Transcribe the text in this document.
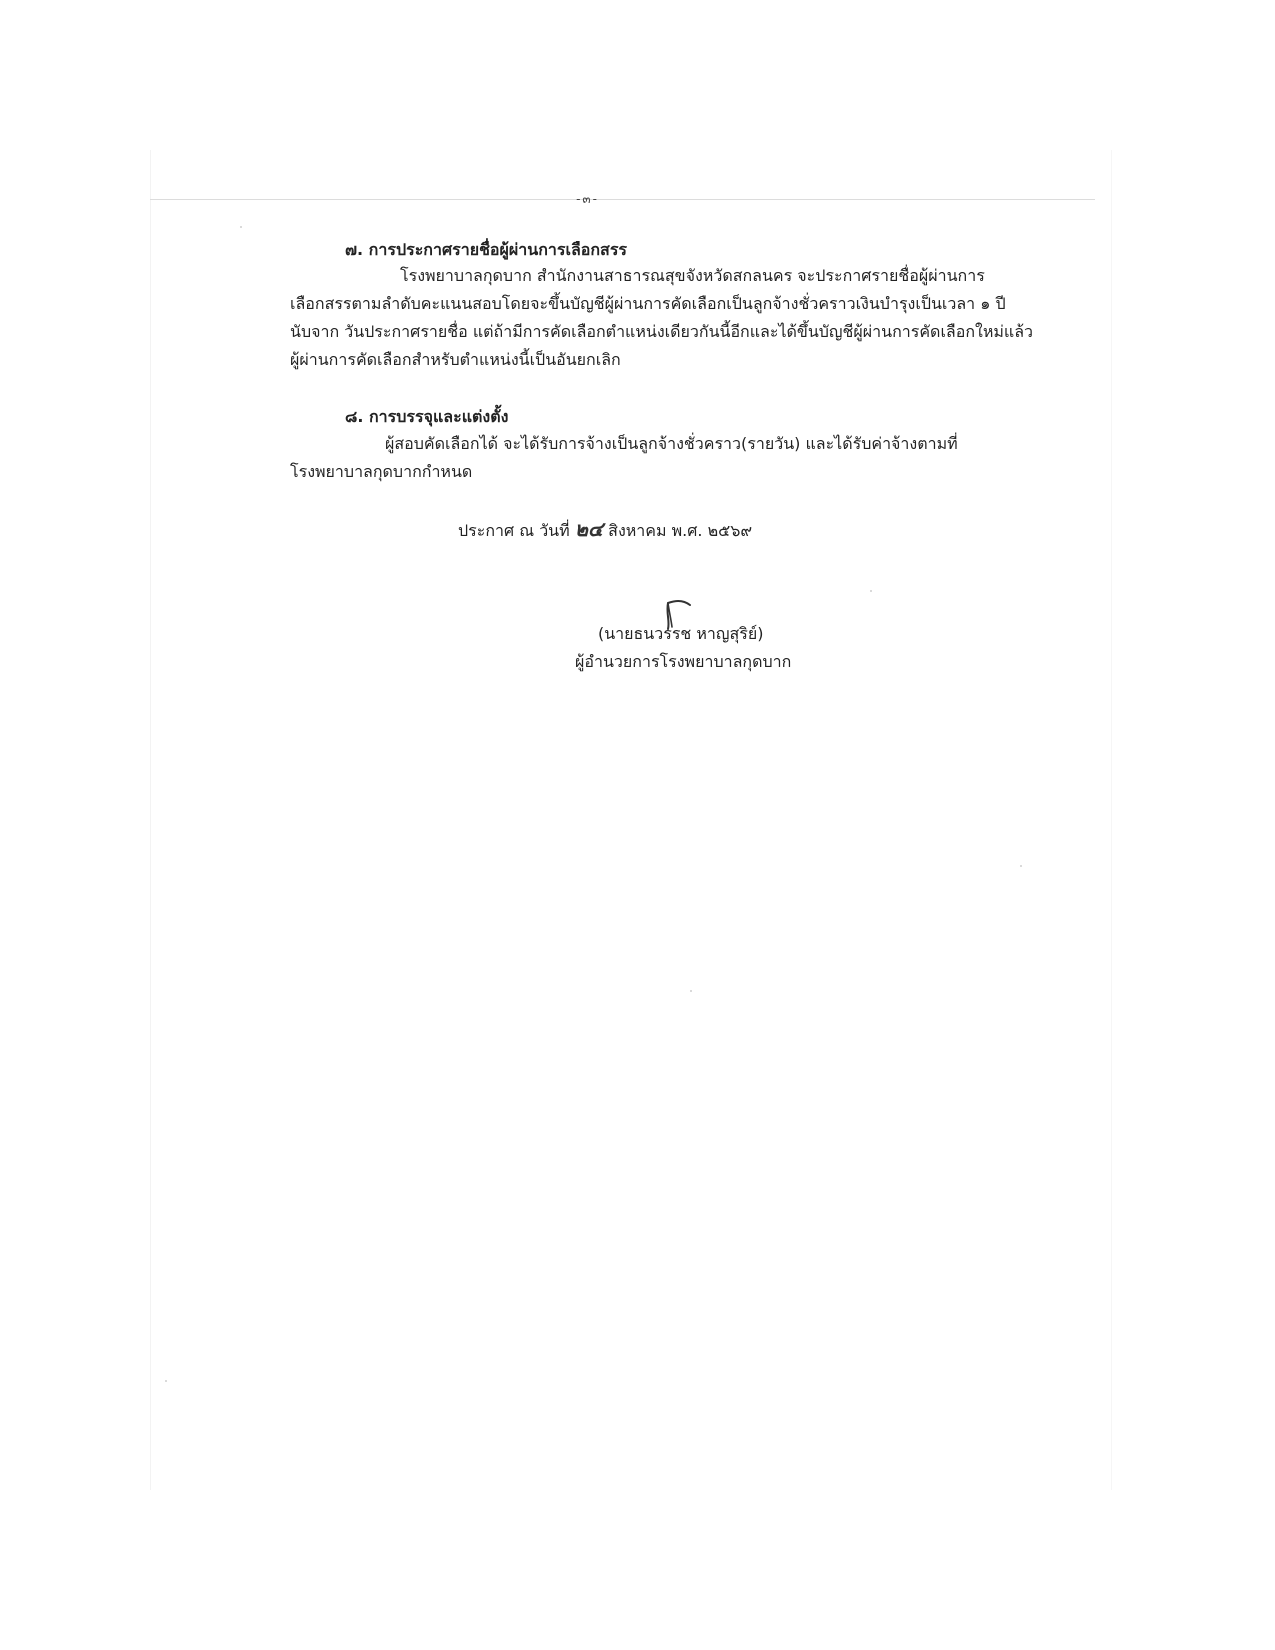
-๓-
๗. การประกาศรายชื่อผู้ผ่านการเลือกสรร
โรงพยาบาลกุดบาก สำนักงานสาธารณสุขจังหวัดสกลนคร จะประกาศรายชื่อผู้ผ่านการ
เลือกสรรตามลำดับคะแนนสอบโดยจะขึ้นบัญชีผู้ผ่านการคัดเลือกเป็นลูกจ้างชั่วคราวเงินบำรุงเป็นเวลา ๑ ปี
นับจาก วันประกาศรายชื่อ แต่ถ้ามีการคัดเลือกตำแหน่งเดียวกันนี้อีกและได้ขึ้นบัญชีผู้ผ่านการคัดเลือกใหม่แล้ว
ผู้ผ่านการคัดเลือกสำหรับตำแหน่งนี้เป็นอันยกเลิก
๘. การบรรจุและแต่งตั้ง
ผู้สอบคัดเลือกได้ จะได้รับการจ้างเป็นลูกจ้างชั่วคราว(รายวัน) และได้รับค่าจ้างตามที่
โรงพยาบาลกุดบากกำหนด
ประกาศ ณ วันที่ ๒๔ สิงหาคม พ.ศ. ๒๕๖๙
(นายธนวรรช หาญสุริย์)
ผู้อำนวยการโรงพยาบาลกุดบาก
